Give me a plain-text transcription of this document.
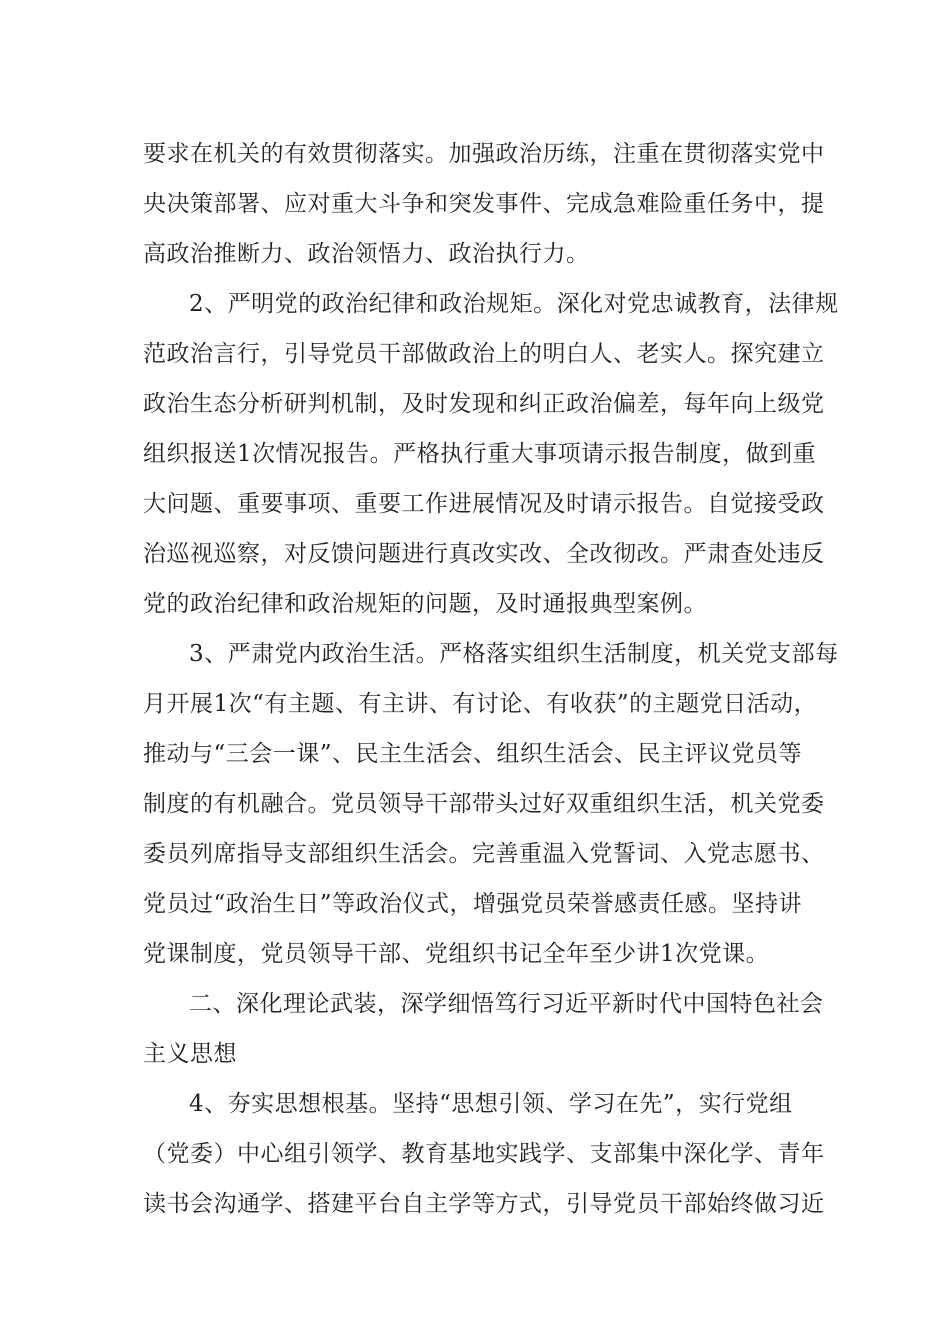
要求在机关的有效贯彻落实。加强政治历练，注重在贯彻落实党中
央决策部署、应对重大斗争和突发事件、完成急难险重任务中，提
高政治推断力、政治领悟力、政治执行力。
2、严明党的政治纪律和政治规矩。深化对党忠诚教育，法律规
范政治言行，引导党员干部做政治上的明白人、老实人。探究建立
政治生态分析研判机制，及时发现和纠正政治偏差，每年向上级党
组织报送1次情况报告。严格执行重大事项请示报告制度，做到重
大问题、重要事项、重要工作进展情况及时请示报告。自觉接受政
治巡视巡察，对反馈问题进行真改实改、全改彻改。严肃查处违反
党的政治纪律和政治规矩的问题，及时通报典型案例。
3、严肃党内政治生活。严格落实组织生活制度，机关党支部每
月开展1次“有主题、有主讲、有讨论、有收获”的主题党日活动，
推动与“三会一课”、民主生活会、组织生活会、民主评议党员等
制度的有机融合。党员领导干部带头过好双重组织生活，机关党委
委员列席指导支部组织生活会。完善重温入党誓词、入党志愿书、
党员过“政治生日”等政治仪式，增强党员荣誉感责任感。坚持讲
党课制度，党员领导干部、党组织书记全年至少讲1次党课。
二、深化理论武装，深学细悟笃行习近平新时代中国特色社会
主义思想
4、夯实思想根基。坚持“思想引领、学习在先”，实行党组
（党委）中心组引领学、教育基地实践学、支部集中深化学、青年
读书会沟通学、搭建平台自主学等方式，引导党员干部始终做习近
